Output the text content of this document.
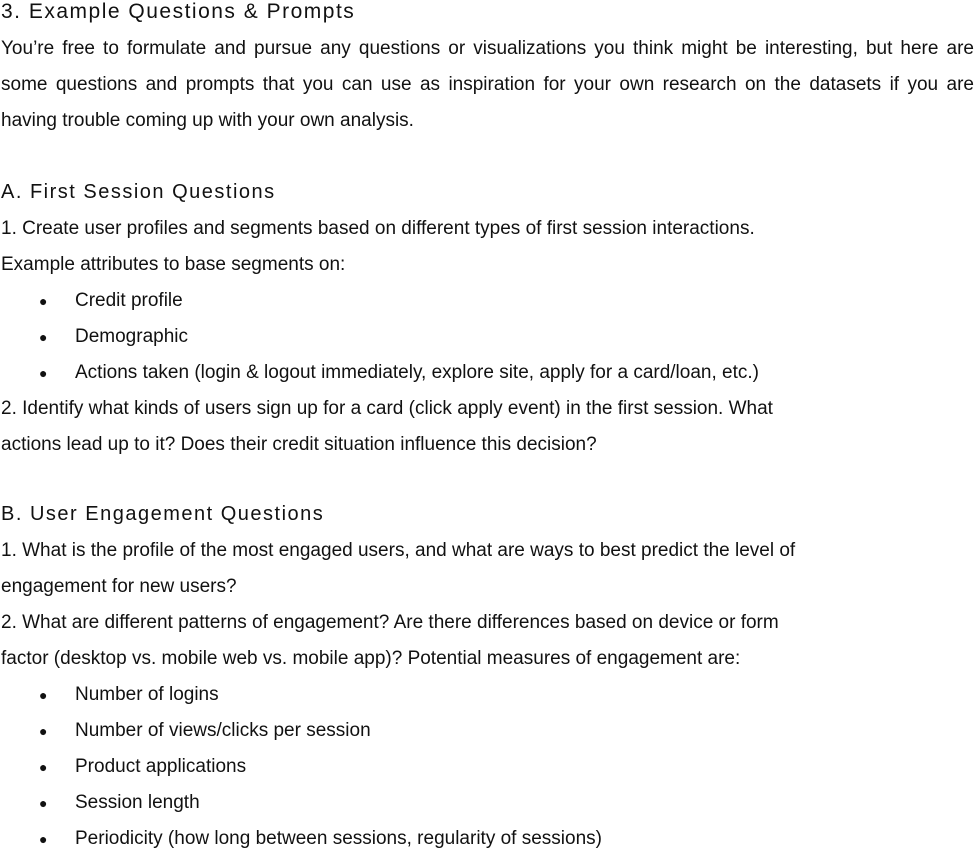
3. Example Questions & Prompts

You’re free to formulate and pursue any questions or visualizations you think might be interesting, but here are some questions and prompts that you can use as inspiration for your own research on the datasets if you are having trouble coming up with your own analysis.

A. First Session Questions

1. Create user profiles and segments based on different types of first session interactions.

Example attributes to base segments on:

● Credit profile
● Demographic
● Actions taken (login & logout immediately, explore site, apply for a card/loan, etc.)

2. Identify what kinds of users sign up for a card (click apply event) in the first session. What

actions lead up to it? Does their credit situation influence this decision?

B. User Engagement Questions

1. What is the profile of the most engaged users, and what are ways to best predict the level of

engagement for new users?

2. What are different patterns of engagement? Are there differences based on device or form

factor (desktop vs. mobile web vs. mobile app)? Potential measures of engagement are:

● Number of logins
● Number of views/clicks per session
● Product applications
● Session length
● Periodicity (how long between sessions, regularity of sessions)
